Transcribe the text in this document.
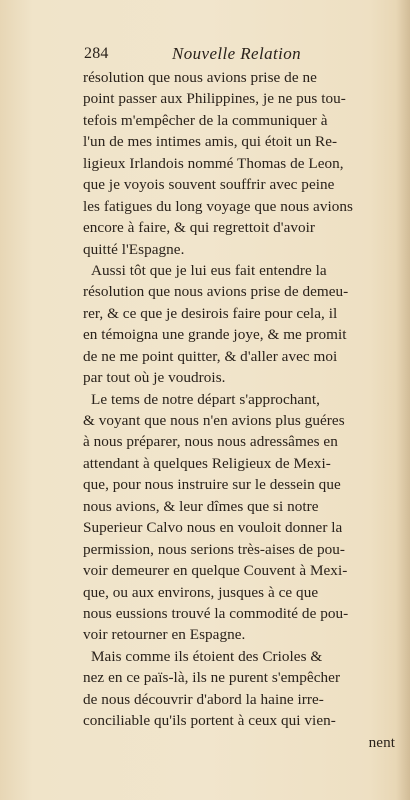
284	Nouvelle Relation
résolution que nous avions prise de ne
point passer aux Philippines, je ne pus tou-
tefois m'empêcher de la communiquer à
l'un de mes intimes amis, qui étoit un Re-
ligieux Irlandois nommé Thomas de Leon,
que je voyois souvent souffrir avec peine
les fatigues du long voyage que nous avions
encore à faire, & qui regrettoit d'avoir
quitté l'Espagne.
Aussi tôt que je lui eus fait entendre la
résolution que nous avions prise de demeu-
rer, & ce que je desirois faire pour cela, il
en témoigna une grande joye, & me promit
de ne me point quitter, & d'aller avec moi
par tout où je voudrois.
Le tems de notre départ s'approchant,
& voyant que nous n'en avions plus guéres
à nous préparer, nous nous adressâmes en
attendant à quelques Religieux de Mexi-
que, pour nous instruire sur le dessein que
nous avions, & leur dîmes que si notre
Superieur Calvo nous en vouloit donner la
permission, nous serions très-aises de pou-
voir demeurer en quelque Couvent à Mexi-
que, ou aux environs, jusques à ce que
nous eussions trouvé la commodité de pou-
voir retourner en Espagne.
Mais comme ils étoient des Crioles &
nez en ce païs-là, ils ne purent s'empêcher
de nous découvrir d'abord la haine irre-
conciliable qu'ils portent à ceux qui vien-
nent
